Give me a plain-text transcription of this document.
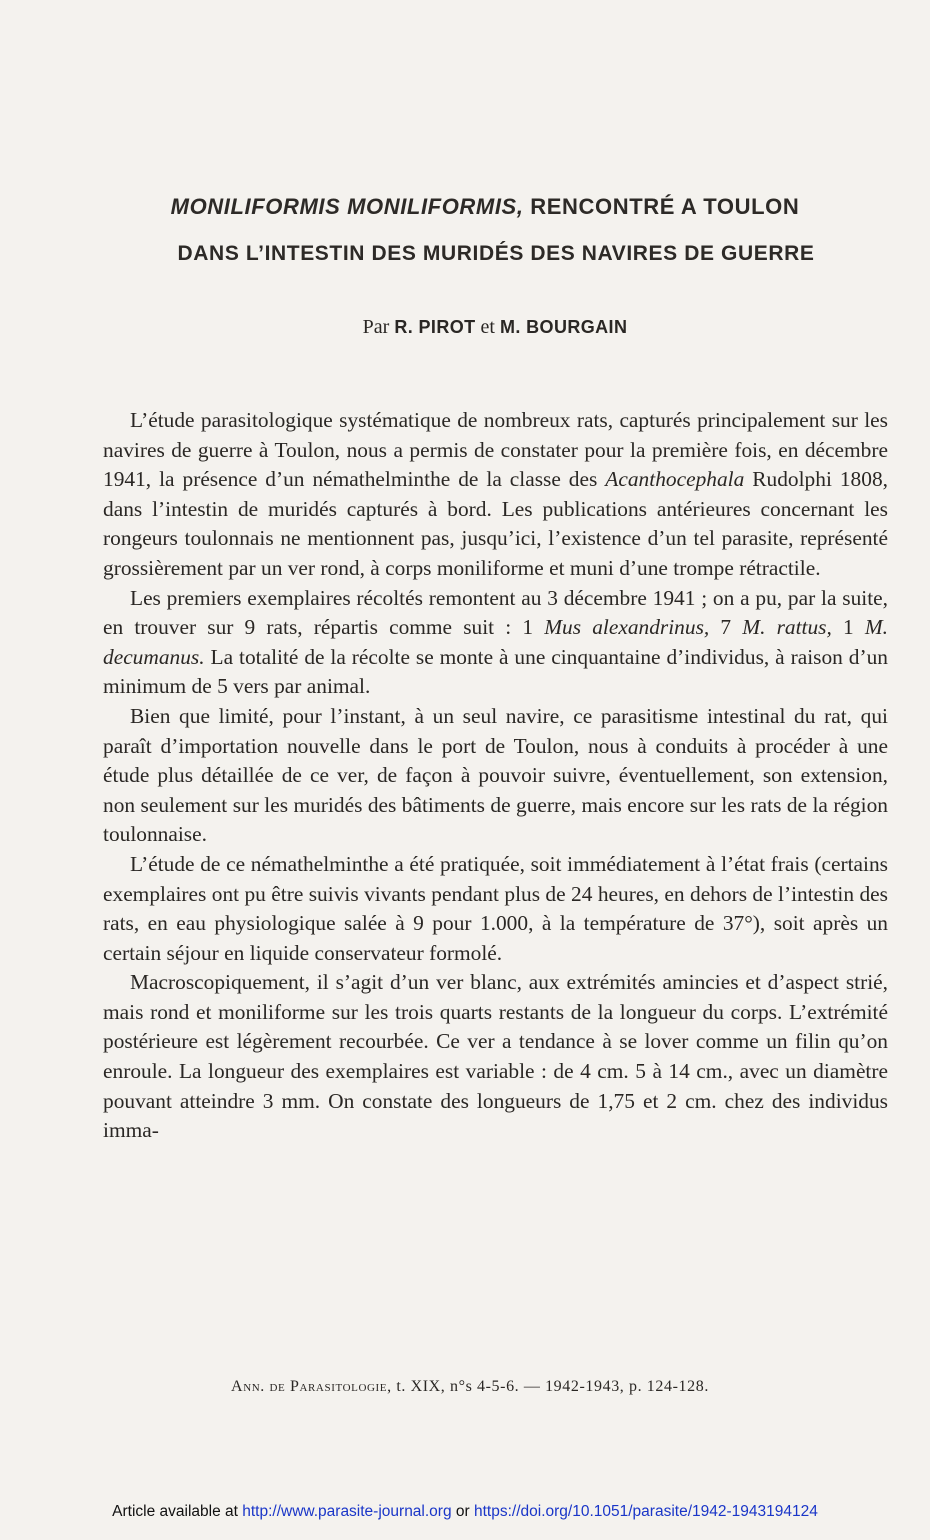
MONILIFORMIS MONILIFORMIS, RENCONTRÉ A TOULON
DANS L’INTESTIN DES MURIDÉS DES NAVIRES DE GUERRE
Par R. PIROT et M. BOURGAIN

L’étude parasitologique systématique de nombreux rats, capturés principalement sur les navires de guerre à Toulon, nous a permis de constater pour la première fois, en décembre 1941, la présence d’un némathelminthe de la classe des Acanthocephala Rudolphi 1808, dans l’intestin de muridés capturés à bord. Les publications antérieures concernant les rongeurs toulonnais ne mentionnent pas, jusqu’ici, l’existence d’un tel parasite, représenté grossièrement par un ver rond, à corps moniliforme et muni d’une trompe rétractile.

Les premiers exemplaires récoltés remontent au 3 décembre 1941 ; on a pu, par la suite, en trouver sur 9 rats, répartis comme suit : 1 Mus alexandrinus, 7 M. rattus, 1 M. decumanus. La totalité de la récolte se monte à une cinquantaine d’individus, à raison d’un minimum de 5 vers par animal.

Bien que limité, pour l’instant, à un seul navire, ce parasitisme intestinal du rat, qui paraît d’importation nouvelle dans le port de Toulon, nous à conduits à procéder à une étude plus détaillée de ce ver, de façon à pouvoir suivre, éventuellement, son extension, non seulement sur les muridés des bâtiments de guerre, mais encore sur les rats de la région toulonnaise.

L’étude de ce némathelminthe a été pratiquée, soit immédiatement à l’état frais (certains exemplaires ont pu être suivis vivants pendant plus de 24 heures, en dehors de l’intestin des rats, en eau physiologique salée à 9 pour 1.000, à la température de 37°), soit après un certain séjour en liquide conservateur formolé.

Macroscopiquement, il s’agit d’un ver blanc, aux extrémités amincies et d’aspect strié, mais rond et moniliforme sur les trois quarts restants de la longueur du corps. L’extrémité postérieure est légèrement recourbée. Ce ver a tendance à se lover comme un filin qu’on enroule. La longueur des exemplaires est variable : de 4 cm. 5 à 14 cm., avec un diamètre pouvant atteindre 3 mm. On constate des longueurs de 1,75 et 2 cm. chez des individus imma-

Ann. de Parasitologie, t. XIX, n°s 4-5-6. — 1942-1943, p. 124-128.
Article available at http://www.parasite-journal.org or https://doi.org/10.1051/parasite/1942-1943194124
